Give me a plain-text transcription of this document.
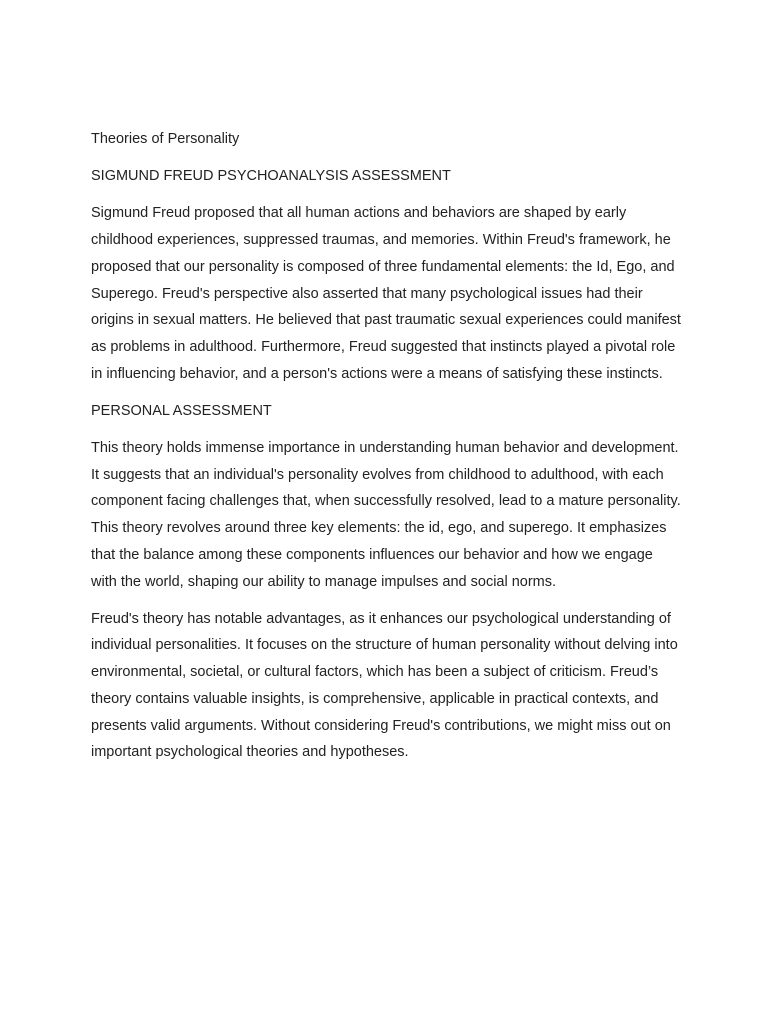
Theories of Personality

SIGMUND FREUD PSYCHOANALYSIS ASSESSMENT

Sigmund Freud proposed that all human actions and behaviors are shaped by early childhood experiences, suppressed traumas, and memories. Within Freud's framework, he proposed that our personality is composed of three fundamental elements: the Id, Ego, and Superego. Freud's perspective also asserted that many psychological issues had their origins in sexual matters. He believed that past traumatic sexual experiences could manifest as problems in adulthood. Furthermore, Freud suggested that instincts played a pivotal role in influencing behavior, and a person's actions were a means of satisfying these instincts.

PERSONAL ASSESSMENT

This theory holds immense importance in understanding human behavior and development. It suggests that an individual's personality evolves from childhood to adulthood, with each component facing challenges that, when successfully resolved, lead to a mature personality. This theory revolves around three key elements: the id, ego, and superego. It emphasizes that the balance among these components influences our behavior and how we engage with the world, shaping our ability to manage impulses and social norms.

Freud's theory has notable advantages, as it enhances our psychological understanding of individual personalities. It focuses on the structure of human personality without delving into environmental, societal, or cultural factors, which has been a subject of criticism. Freud’s theory contains valuable insights, is comprehensive, applicable in practical contexts, and presents valid arguments. Without considering Freud's contributions, we might miss out on important psychological theories and hypotheses.
